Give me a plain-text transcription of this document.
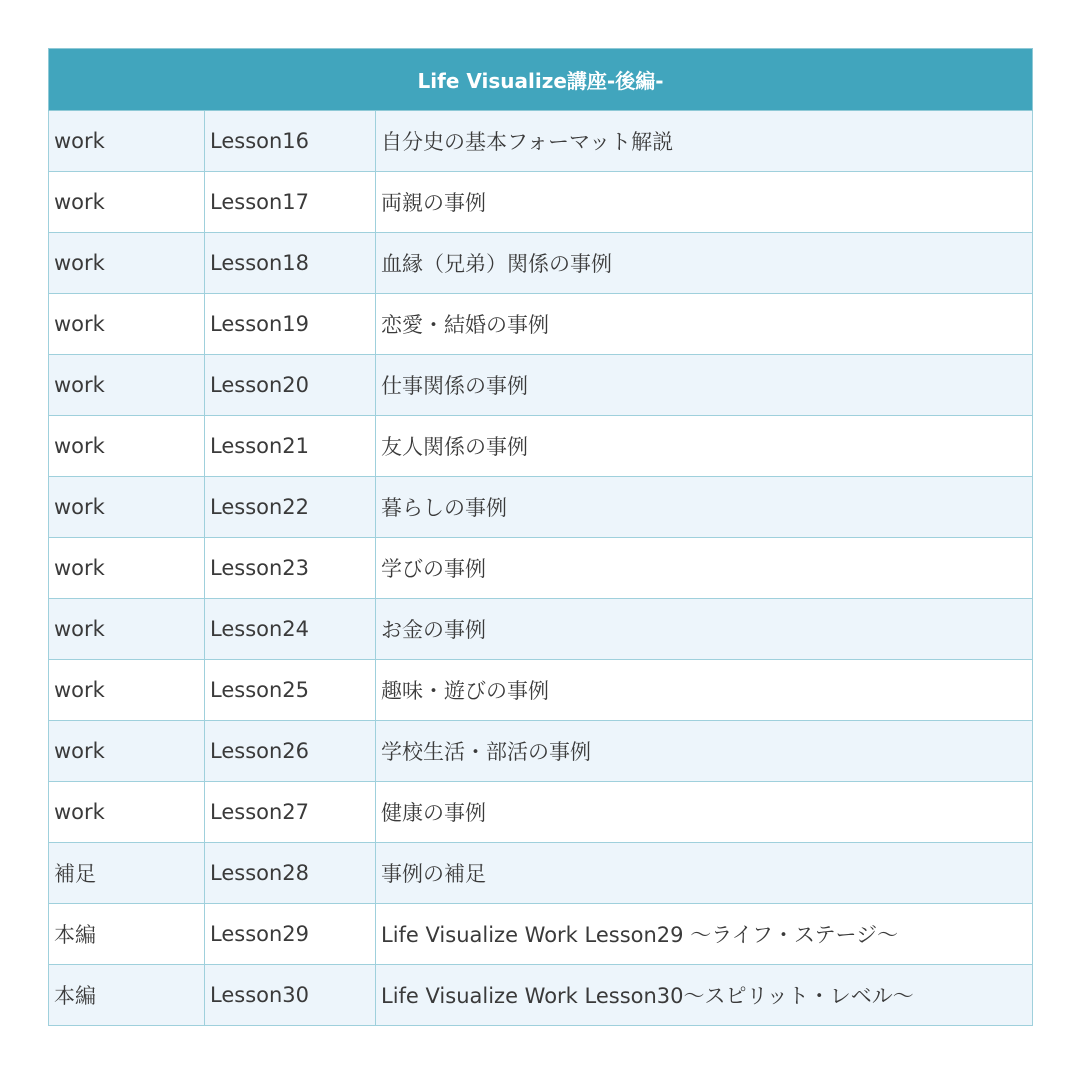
Life Visualize講座-後編-		
work	Lesson16	自分史の基本フォーマット解説
work	Lesson17	両親の事例
work	Lesson18	血縁（兄弟）関係の事例
work	Lesson19	恋愛・結婚の事例
work	Lesson20	仕事関係の事例
work	Lesson21	友人関係の事例
work	Lesson22	暮らしの事例
work	Lesson23	学びの事例
work	Lesson24	お金の事例
work	Lesson25	趣味・遊びの事例
work	Lesson26	学校生活・部活の事例
work	Lesson27	健康の事例
補足	Lesson28	事例の補足
本編	Lesson29	Life Visualize Work Lesson29 〜ライフ・ステージ〜
本編	Lesson30	Life Visualize Work Lesson30〜スピリット・レベル〜
